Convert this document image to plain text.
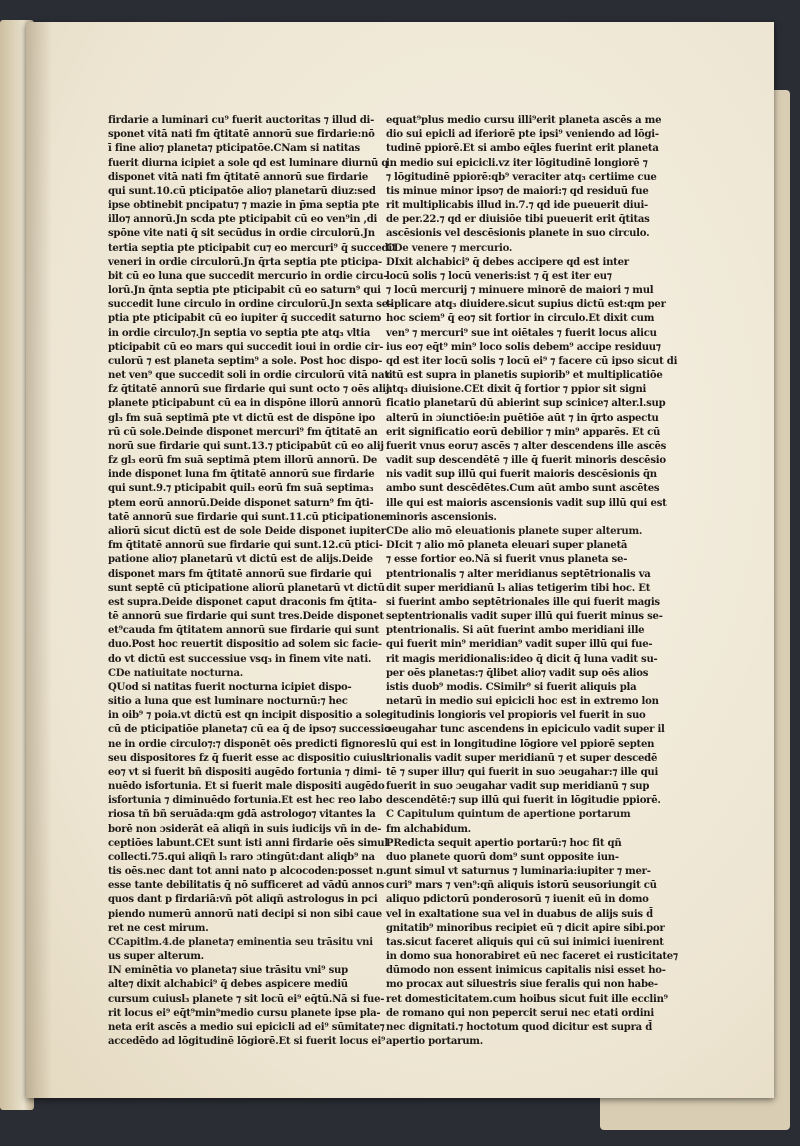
firdarie a luminari cu⁹ fuerit auctoritas ⁊ illud di-
sponet vitā nati fm q̄titatē annorū sue firdarie:nō
ī fine alio⁊ planeta⁊ pticipatōe.CNam si natitas
fuerit diurna icipiet a sole qd est luminare diurnū q
disponet vitā nati fm q̄titatē annorū sue firdarie
qui sunt.10.cū pticipatōe alio⁊ planetarū diuz:sed
ipse obtinebit pncipatu⁊ ⁊ mazie in p̄ma septia pte
illo⁊ annorū.Jn scda pte pticipabit cū eo ven⁹in ,di
spōne vite nati q̄ sit secūdus in ordie circulorū.Jn
tertia septia pte pticipabit cu⁊ eo mercuri⁹ q̄ succedit
veneri in ordie circulorū.Jn q̄rta septia pte pticipa-
bit cū eo luna que succedit mercurio in ordie circu-
lorū.Jn q̄nta septia pte pticipabit cū eo saturn⁹ qui
succedit lune circulo in ordine circulorū.Jn sexta se-
ptia pte pticipabit cū eo iupiter q̄ succedit saturno
in ordie circulo⁊.Jn septia vo septia pte atq₃ vltia
pticipabit cū eo mars qui succedit ioui in ordie cir-
culorū ⁊ est planeta septim⁹ a sole. Post hoc dispo-
net ven⁹ que succedit soli in ordie circulorū vitā nati
fz q̄titatē annorū sue firdarie qui sunt octo ⁊ oēs alij
planete pticipabunt cū ea in dispōne illorū annorū
gl₃ fm suā septimā pte vt dictū est de dispōne ipo
rū cū sole.Deinde disponet mercuri⁹ fm q̄titatē an
norū sue firdarie qui sunt.13.⁊ pticipabūt cū eo alij
fz gl₃ eorū fm suā septimā ptem illorū annorū. De
inde disponet luna fm q̄titatē annorū sue firdarie
qui sunt.9.⁊ pticipabit quil₃ eorū fm suā septima₃
ptem eorū annorū.Deide disponet saturn⁹ fm q̄ti-
tatē annorū sue firdarie qui sunt.11.cū pticipatione
aliorū sicut dictū est de sole Deide disponet iupiter
fm q̄titatē annorū sue firdarie qui sunt.12.cū ptici-
patione alio⁊ planetarū vt dictū est de alijs.Deide
disponet mars fm q̄titatē annorū sue firdarie qui
sunt septē cū pticipatione aliorū planetarū vt dictū
est supra.Deide disponet caput draconis fm q̄tita-
tē annorū sue firdarie qui sunt tres.Deide disponet
et⁹cauda fm q̄titatem annorū sue firdarie qui sunt
duo.Post hoc reuertit dispositio ad solem sic facie-
do vt dictū est successiue vsq₃ in finem vite nati.
CDe natiuitate nocturna.
QUod si natitas fuerit nocturna icipiet dispo-
sitio a luna que est luminare nocturnū:⁊ hec
in oib⁹ ⁊ poia.vt dictū est qn incipit dispositio a sole
cū de pticipatiōe planeta⁊ cū ea q̄ de ipso⁊ successio
ne in ordie circulo⁊:⁊ disponēt oēs predicti fignores
seu dispositores fz q̄ fuerit esse ac dispositio cuiusl₃
eo⁊ vt si fuerit bñ dispositi augēdo fortunia ⁊ dimi-
nuēdo isfortunia. Et si fuerit male dispositi augēdo
isfortunia ⁊ diminuēdo fortunia.Et est hec reo labo
riosa tñ bñ seruāda:qm gdā astrologo⁊ vitantes la
borē non ɔsiderāt eā aliqñ in suis iudicijs vñ in de-
ceptiōes labunt.CEt sunt isti anni firdarie oēs simul
collecti.75.qui aliqñ l₃ raro ɔtingūt:dant aliqb⁹ na
tis oēs.nec dant tot anni nato p alcocoden:posset n.
esse tante debilitatis q̄ nō sufficeret ad vādū annos
quos dant p firdariā:vñ pōt aliqñ astrologus in pci
piendo numerū annorū nati decipi si non sibi caue
ret ne cest mirum.
CCapitlm.4.de planeta⁊ eminentia seu trāsitu vni
us super alterum.
IN eminētia vo planeta⁊ siue trāsitu vni⁹ sup
alte⁊ dixit alchabici⁹ q̄ debes aspicere mediū
cursum cuiusl₃ planete ⁊ sit locū ei⁹ eq̄tū.Nā si fue-
rit locus ei⁹ eq̄t⁹min⁹medio cursu planete ipse pla-
neta erit ascēs a medio sui epicicli ad ei⁹ sūmitate⁊
accedēdo ad lōgitudinē lōgiorē.Et si fuerit locus ei⁹
equat⁹plus medio cursu illi⁹erit planeta ascēs a me
dio sui epicli ad iferiorē pte ipsi⁹ veniendo ad lōgi-
tudinē ppiorē.Et si ambo eq̄les fuerint erit planeta
in medio sui epicicli.vz iter lōgitudinē longiorē ⁊
⁊ lōgitudinē ppiorē:qb⁹ veraciter atq₃ certiime cue
tis minue minor ipso⁊ de maiori:⁊ qd residuū fue
rit multiplicabis illud in.7.⁊ qd ide pueuerit diui-
de per.22.⁊ qd er diuisiōe tibi pueuerit erit q̄titas
ascēsionis vel descēsionis planete in suo circulo.
CDe venere ⁊ mercurio.
DIxit alchabici⁹ q̄ debes accipere qd est inter
locū solis ⁊ locū veneris:ist ⁊ q̄ est iter eu⁊
⁊ locū mercurij ⁊ minuere minorē de maiori ⁊ mul
tiplicare atq₃ diuidere.sicut supius dictū est:qm per
hoc sciem⁹ q̄ eo⁊ sit fortior in circulo.Et dixit cum
ven⁹ ⁊ mercuri⁹ sue int oiētales ⁊ fuerit locus alicu
ius eo⁊ eq̄t⁹ min⁹ loco solis debem⁹ accipe residuu⁊
qd est iter locū solis ⁊ locū ei⁹ ⁊ facere cū ipso sicut di
ctū est supra in planetis supiorib⁹ et multiplicatiōe
atq₃ diuisione.CEt dixit q̄ fortior ⁊ ppior sit signi
ficatio planetarū dū abierint sup scinice⁊ alter.l.sup
alterū in ɔiunctiōe:in puētiōe aūt ⁊ in q̄rto aspectu
erit significatio eorū debilior ⁊ min⁹ apparēs. Et cū
fuerit vnus eoru⁊ ascēs ⁊ alter descendens ille ascēs
vadit sup descendētē ⁊ ille q̄ fuerit minoris descēsio
nis vadit sup illū qui fuerit maioris descēsionis q̄n
ambo sunt descēdētes.Cum aūt ambo sunt ascētes
ille qui est maioris ascensionis vadit sup illū qui est
minoris ascensionis.
CDe alio mō eleuationis planete super alterum.
DIcit ⁊ alio mō planeta eleuari super planetā
⁊ esse fortior eo.Nā si fuerit vnus planeta se-
ptentrionalis ⁊ alter meridianus septētrionalis va
dit super meridianū l₃ alias tetigerim tibi hoc. Et
si fuerint ambo septētrionales ille qui fuerit magis
septentrionalis vadit super illū qui fuerit minus se-
ptentrionalis. Si aūt fuerint ambo meridiani ille
qui fuerit min⁹ meridian⁹ vadit super illū qui fue-
rit magis meridionalis:ideo q̄ dicit q̄ luna vadit su-
per oēs planetas:⁊ q̄libet alio⁊ vadit sup oēs alios
istis duob⁹ modis. CSimilr⁹ si fuerit aliquis pla
netarū in medio sui epicicli hoc est in extremo lon
gitudinis longioris vel propioris vel fuerit in suo
ɔeugahar tunc ascendens in epiciculo vadit super il
lū qui est in longitudine lōgiore vel ppiorē septen
trionalis vadit super meridianū ⁊ et super descedē
tē ⁊ super illu⁊ qui fuerit in suo ɔeugahar:⁊ ille qui
fuerit in suo ɔeugahar vadit sup meridianū ⁊ sup
descendētē:⁊ sup illū qui fuerit in lōgitudie ppiorē.
C Capitulum quintum de apertione portarum
fm alchabidum.
PRedicta sequit apertio portarū:⁊ hoc fit qñ
duo planete quorū dom⁹ sunt opposite iun-
gunt simul vt saturnus ⁊ luminaria:iupiter ⁊ mer-
curi⁹ mars ⁊ ven⁹:qñ aliquis istorū seusoriungit cū
aliquo pdictorū ponderosorū ⁊ iuenit eū in domo
vel in exaltatione sua vel in duabus de alijs suis d̄
gnitatib⁹ minoribus recipiet eū ⁊ dicit apire sibi.por
tas.sicut faceret aliquis qui cū sui inimici iuenirent
in domo sua honorabiret eū nec faceret ei rusticitate⁊
dūmodo non essent inimicus capitalis nisi esset ho-
mo procax aut siluestris siue feralis qui non habe-
ret domesticitatem.cum hoibus sicut fuit ille ecclin⁹
de romano qui non pepercit serui nec etati ordini
nec dignitati.⁊ hoctotum quod dicitur est supra d̄
apertio portarum.
